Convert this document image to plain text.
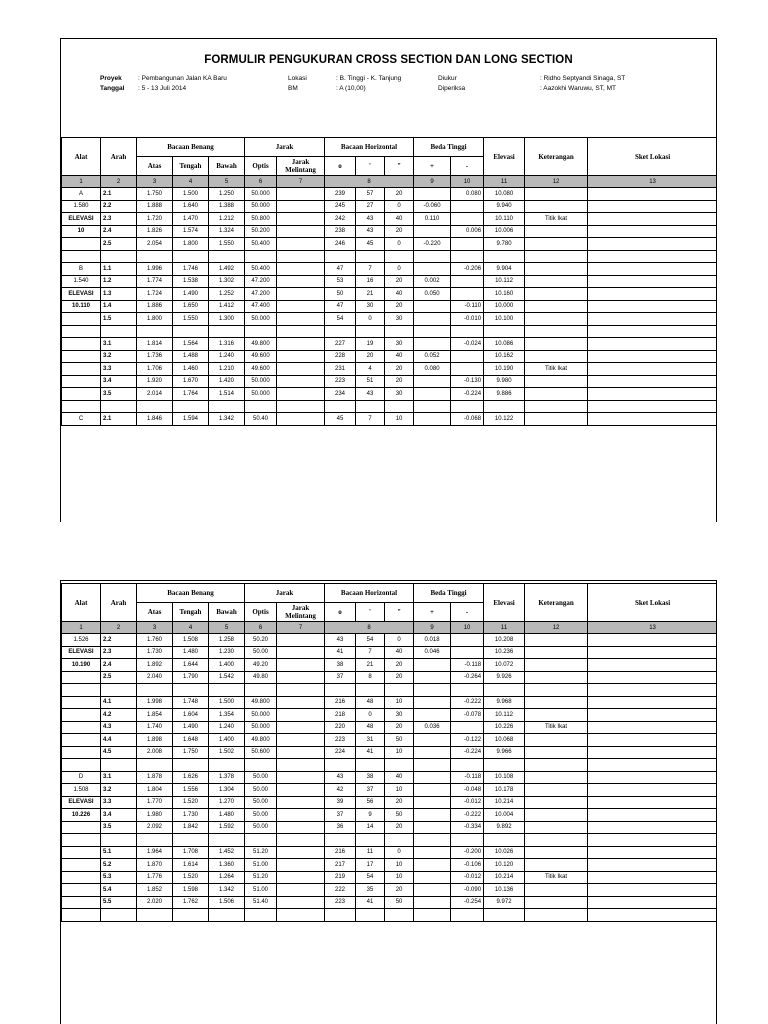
FORMULIR PENGUKURAN CROSS SECTION DAN LONG SECTION
Proyek	: Pembangunan Jalan KA Baru
Tanggal : 5 - 13 Juli 2014
Lokasi	: B. Tinggi - K. Tanjung
BM	: A (10,00)
Diukur	: Ridho Septyandi Sinaga, ST
Diperiksa	: Aazokhi Waruwu, ST, MT
Alat	Arah	Bacaan Benang			Jarak		Bacaan Horizontal			Beda Tinggi		Elevasi	Keterangan	Sket Lokasi
		Atas	Tengah	Bawah	Optis	Jarak Melintang	o	'	"	+	-			
1	2	3	4	5	6	7	8			9	10	11	12	13
A	2.1	1.750	1.500	1.250	50.000		239	57	20		0.080	10.080		
1.580	2.2	1.888	1.640	1.388	50.000		245	27	0	-0.060		9.940		
ELEVASI	2.3	1.720	1.470	1.212	50.800		242	43	40	0.110		10.110	Titik Ikat	
10	2.4	1.826	1.574	1.324	50.200		238	43	20		0.006	10.006		
	2.5	2.054	1.800	1.550	50.400		246	45	0	-0.220		9.780		

B	1.1	1.996	1.746	1.492	50.400		47	7	0		-0.206	9.904		
1.540	1.2	1.774	1.538	1.302	47.200		53	16	20	0.002		10.112		
ELEVASI	1.3	1.724	1.490	1.252	47.200		50	21	40	0.050		10.160		
10.110	1.4	1.886	1.650	1.412	47.400		47	30	20		-0.110	10.000		
	1.5	1.800	1.550	1.300	50.000		54	0	30		-0.010	10.100		

	3.1	1.814	1.564	1.316	49.800		227	19	30		-0.024	10.086		
	3.2	1.736	1.488	1.240	49.600		228	20	40	0.052		10.162		
	3.3	1.706	1.460	1.210	49.600		231	4	20	0.080		10.190	Titik Ikat	
	3.4	1.920	1.670	1.420	50.000		223	51	20		-0.130	9.980		
	3.5	2.014	1.764	1.514	50.000		234	43	30		-0.224	9.886		

C	2.1	1.846	1.594	1.342	50.40		45	7	10		-0.068	10.122		
Alat	Arah	Bacaan Benang			Jarak		Bacaan Horizontal			Beda Tinggi		Elevasi	Keterangan	Sket Lokasi
		Atas	Tengah	Bawah	Optis	Jarak Melintang	o	'	"	+	-			
1	2	3	4	5	6	7	8			9	10	11	12	13
1.526	2.2	1.760	1.508	1.258	50.20		43	54	0	0.018		10.208		
ELEVASI	2.3	1.730	1.480	1.230	50.00		41	7	40	0.046		10.236		
10.190	2.4	1.892	1.644	1.400	49.20		38	21	20		-0.118	10.072		
	2.5	2.040	1.790	1.542	49.80		37	8	20		-0.264	9.926		

	4.1	1.998	1.748	1.500	49.800		216	48	10		-0.222	9.968		
	4.2	1.854	1.604	1.354	50.000		218	0	30		-0.078	10.112		
	4.3	1.740	1.490	1.240	50.000		220	48	20	0.036		10.226	Titik Ikat	
	4.4	1.898	1.648	1.400	49.800		223	31	50		-0.122	10.068		
	4.5	2.008	1.750	1.502	50.600		224	41	10		-0.224	9.966		

D	3.1	1.878	1.626	1.378	50.00		43	38	40		-0.118	10.108		
1.508	3.2	1.804	1.556	1.304	50.00		42	37	10		-0.048	10.178		
ELEVASI	3.3	1.770	1.520	1.270	50.00		39	56	20		-0.012	10.214		
10.226	3.4	1.980	1.730	1.480	50.00		37	9	50		-0.222	10.004		
	3.5	2.092	1.842	1.592	50.00		36	14	20		-0.334	9.892		

	5.1	1.964	1.708	1.452	51.20		216	11	0		-0.200	10.026		
	5.2	1.870	1.614	1.360	51.00		217	17	10		-0.106	10.120		
	5.3	1.776	1.520	1.264	51.20		219	54	10		-0.012	10.214	Titik Ikat	
	5.4	1.852	1.598	1.342	51.00		222	35	20		-0.090	10.136		
	5.5	2.020	1.762	1.506	51.40		223	41	50		-0.254	9.972		
